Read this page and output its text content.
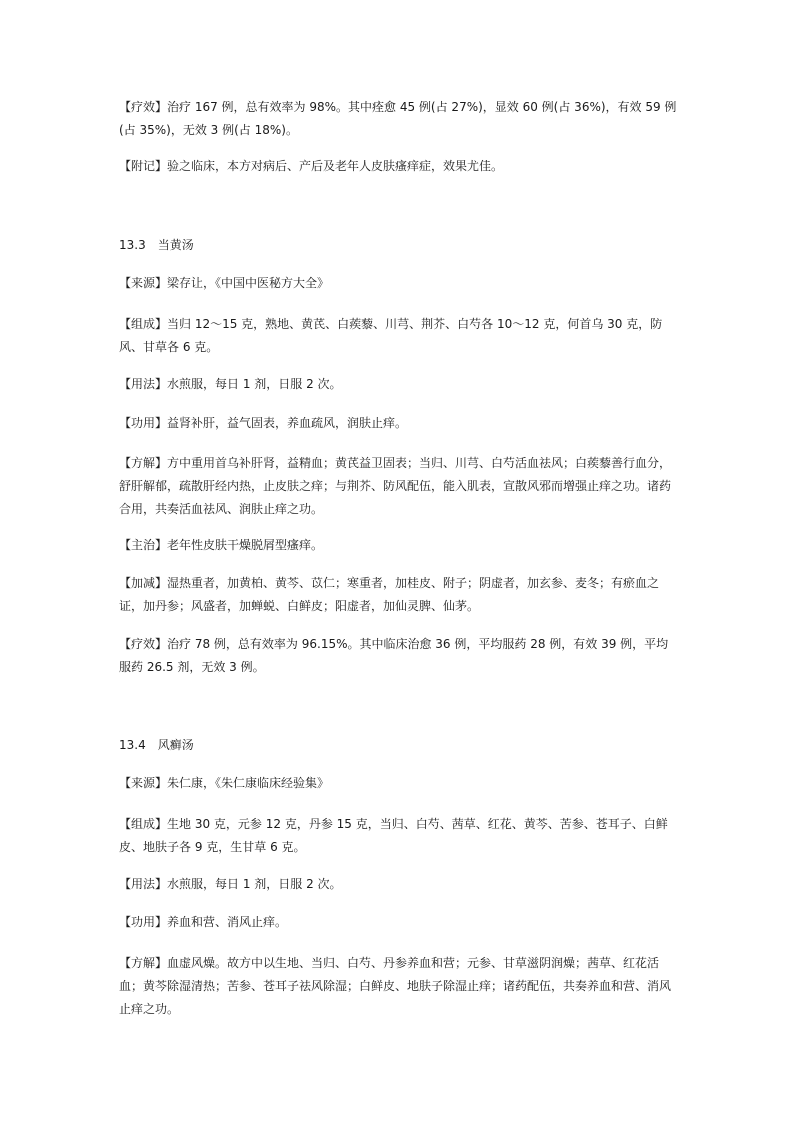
【疗效】治疗 167 例，总有效率为 98%。其中痊愈 45 例(占 27%)，显效 60 例(占 36%)，有效 59 例(占 35%)，无效 3 例(占 18%)。

【附记】验之临床，本方对病后、产后及老年人皮肤瘙痒症，效果尤佳。

13.3　当黄汤

【来源】梁存让，《中国中医秘方大全》

【组成】当归 12～15 克，熟地、黄芪、白蒺藜、川芎、荆芥、白芍各 10～12 克，何首乌 30 克，防风、甘草各 6 克。

【用法】水煎服，每日 1 剂，日服 2 次。

【功用】益肾补肝，益气固表，养血疏风，润肤止痒。

【方解】方中重用首乌补肝肾，益精血；黄芪益卫固表；当归、川芎、白芍活血祛风；白蒺藜善行血分，舒肝解郁，疏散肝经内热，止皮肤之痒；与荆芥、防风配伍，能入肌表，宣散风邪而增强止痒之功。诸药合用，共奏活血祛风、润肤止痒之功。

【主治】老年性皮肤干燥脱屑型瘙痒。

【加减】湿热重者，加黄柏、黄芩、苡仁；寒重者，加桂皮、附子；阴虚者，加玄参、麦冬；有瘀血之证，加丹参；风盛者，加蝉蜕、白鲜皮；阳虚者，加仙灵脾、仙茅。

【疗效】治疗 78 例，总有效率为 96.15%。其中临床治愈 36 例，平均服药 28 例，有效 39 例，平均服药 26.5 剂，无效 3 例。

13.4　风癣汤

【来源】朱仁康，《朱仁康临床经验集》

【组成】生地 30 克，元参 12 克，丹参 15 克，当归、白芍、茜草、红花、黄芩、苦参、苍耳子、白鲜皮、地肤子各 9 克，生甘草 6 克。

【用法】水煎服，每日 1 剂，日服 2 次。

【功用】养血和营、消风止痒。

【方解】血虚风燥。故方中以生地、当归、白芍、丹参养血和营；元参、甘草滋阴润燥；茜草、红花活血；黄芩除湿清热；苦参、苍耳子祛风除湿；白鲜皮、地肤子除湿止痒；诸药配伍，共奏养血和营、消风止痒之功。
